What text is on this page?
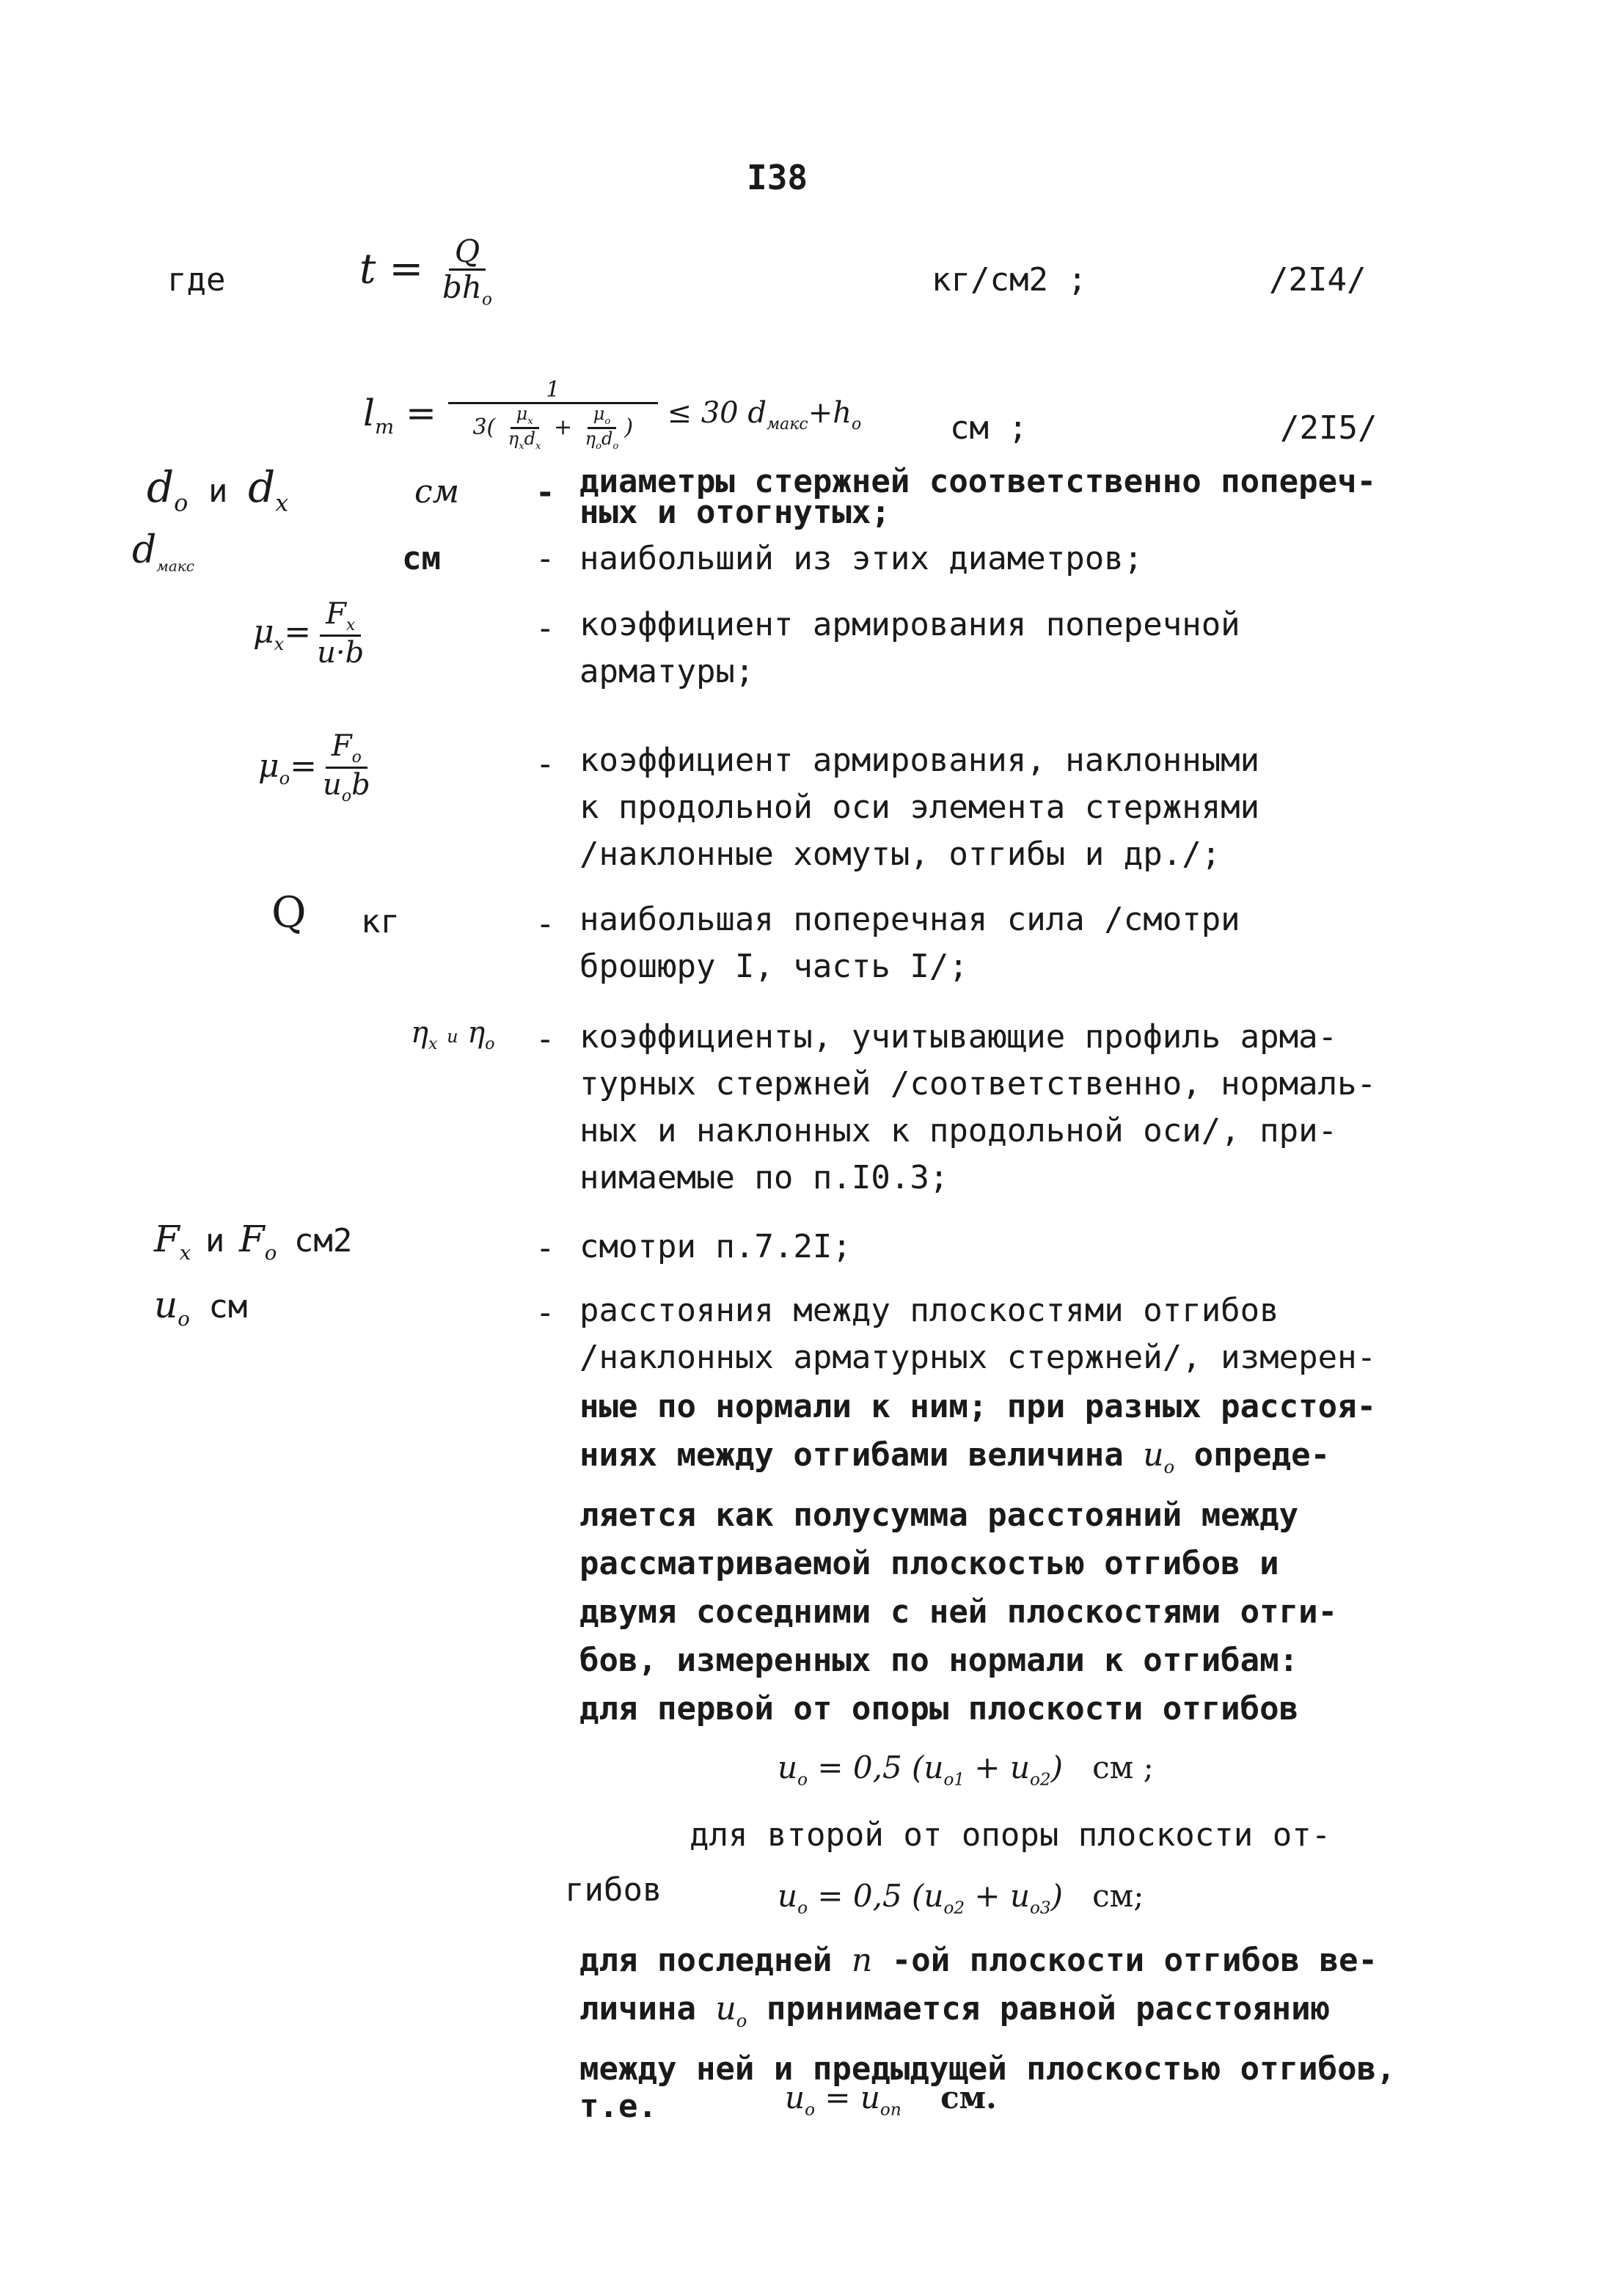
I38
где	$t = \frac{Q}{bh_o}$	кг/см2 ;	/2I4/
$l_т = \frac{1}{3( \frac{\mu_x}{\eta_xd_x} + \frac{\mu_o}{\eta_od_o} )} \le 30$ $d_{макс}+h_o$	см ;	/2I5/
$d_o$ и $d_x$	см - диаметры стержней соответственно попереч-

ных и отогнутых;

$d_{макс}$	см	- наибольший из этих диаметров;

$\mu_x= \frac{F_x}{u\cdot b}$	- коэффициент армирования поперечной

арматуры;

$\mu_o= \frac{F_o}{u_ob}$	- коэффициент армирования, наклонными

к продольной оси элемента стержнями

/наклонные хомуты, отгибы и др./;

Q кг	- наибольшая поперечная сила /смотри

брошюру I, часть I/;

$\eta_x$ и $\eta_o$ - коэффициенты, учитывающие профиль арма-

турных стержней /соответственно, нормаль-

ных и наклонных к продольной оси/, при-

нимаемые по п.I0.3;

$F_x$ и $F_o$ см2	- смотри п.7.2I;

$u_o$ см	- расстояния между плоскостями отгибов

/наклонных арматурных стержней/, измерен-

ные по нормали к ним; при разных расстоя-

ниях между отгибами величина $u_o$ опреде-

ляется как полусумма расстояний между

рассматриваемой плоскостью отгибов и

двумя соседними с ней плоскостями отги-

бов, измеренных по нормали к отгибам:

для первой от опоры плоскости отгибов

$u_o = 0,5$ $(u_{o1} + u_{o2})$ см ;
для второй от опоры плоскости от-
гибов	$u_o = 0,5$ $(u_{o2} + u_{o3})$ см;

для последней n -ой плоскости отгибов ве-

личина $u_o$ принимается равной расстоянию

между ней и предыдущей плоскостью отгибов,

т.е.	$u_o = u_{on}$ см.
